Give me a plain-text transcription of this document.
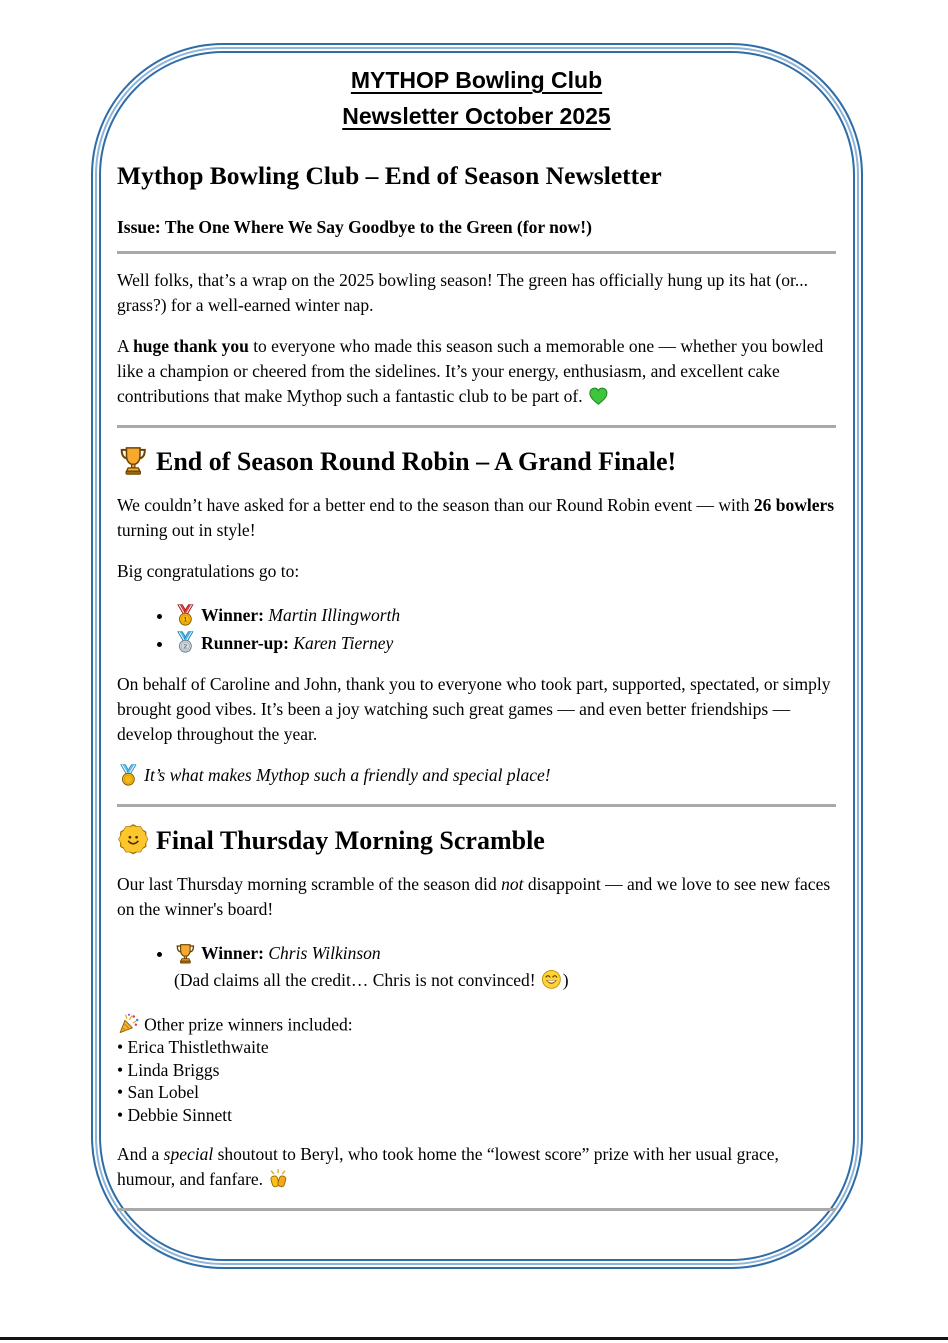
MYTHOP Bowling Club
Newsletter October 2025
Mythop Bowling Club – End of Season Newsletter

Issue: The One Where We Say Goodbye to the Green (for now!)

Well folks, that’s a wrap on the 2025 bowling season! The green has officially hung up its hat (or... grass?) for a well-earned winter nap.

A huge thank you to everyone who made this season such a memorable one — whether you bowled like a champion or cheered from the sidelines. It’s your energy, enthusiasm, and excellent cake contributions that make Mythop such a fantastic club to be part of.

End of Season Round Robin – A Grand Finale!

We couldn’t have asked for a better end to the season than our Round Robin event — with 26 bowlers turning out in style!

Big congratulations go to:

• 1 Winner: Martin Illingworth
• 2 Runner-up: Karen Tierney

On behalf of Caroline and John, thank you to everyone who took part, supported, spectated, or simply brought good vibes. It’s been a joy watching such great games — and even better friendships — develop throughout the year.

It’s what makes Mythop such a friendly and special place!

Final Thursday Morning Scramble

Our last Thursday morning scramble of the season did not disappoint — and we love to see new faces on the winner's board!

• Winner: Chris Wilkinson
(Dad claims all the credit… Chris is not convinced!
)
Other prize winners included:
• Erica Thistlethwaite
• Linda Briggs
• San Lobel
• Debbie Sinnett

And a special shoutout to Beryl, who took home the “lowest score” prize with her usual grace, humour, and fanfare.
